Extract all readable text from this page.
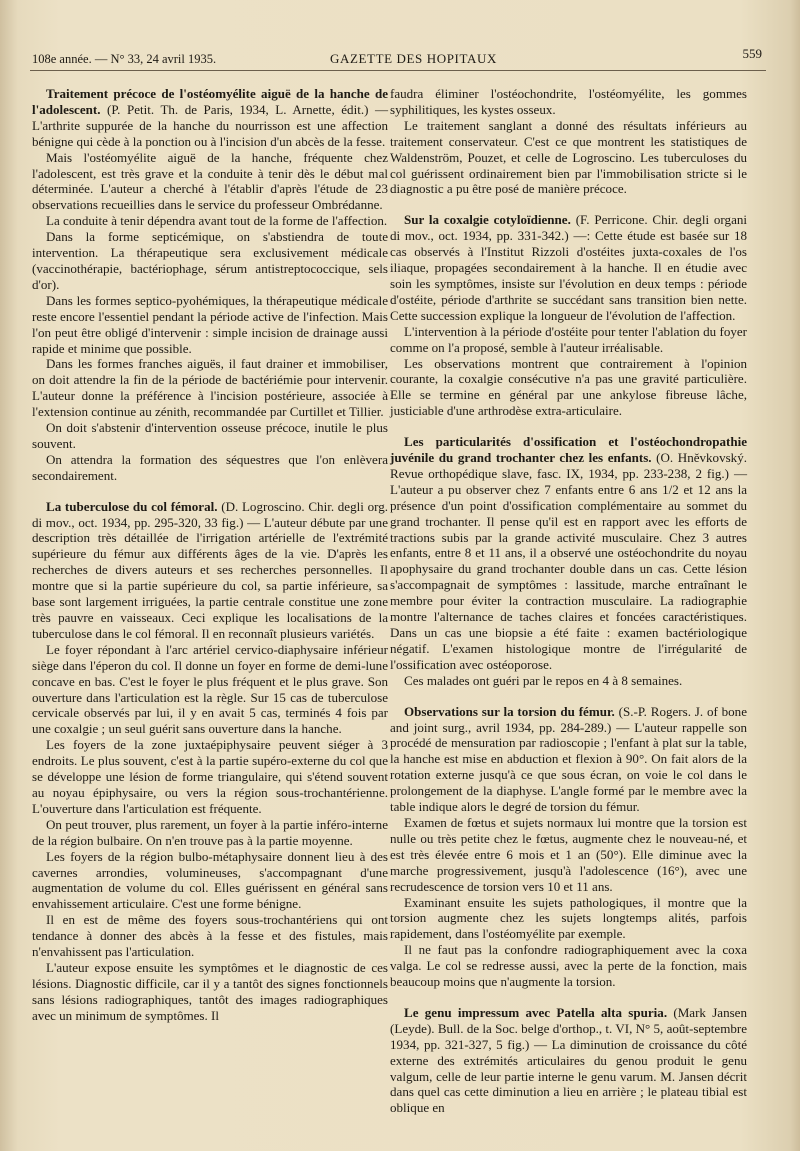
108e année. — N° 33, 24 avril 1935.	GAZETTE DES HOPITAUX	559

Traitement précoce de l'ostéomyélite aiguë de la hanche de l'adolescent. (P. Petit. Th. de Paris, 1934, L. Arnette, édit.) — L'arthrite suppurée de la hanche du nourrisson est une affection bénigne qui cède à la ponction ou à l'incision d'un abcès de la fesse.

Mais l'ostéomyélite aiguë de la hanche, fréquente chez l'adolescent, est très grave et la conduite à tenir dès le début mal déterminée. L'auteur a cherché à l'établir d'après l'étude de 23 observations recueillies dans le service du professeur Ombrédanne.

La conduite à tenir dépendra avant tout de la forme de l'affection.

Dans la forme septicémique, on s'abstiendra de toute intervention. La thérapeutique sera exclusivement médicale (vaccinothérapie, bactériophage, sérum antistreptococcique, sels d'or).

Dans les formes septico-pyohémiques, la thérapeutique médicale reste encore l'essentiel pendant la période active de l'infection. Mais l'on peut être obligé d'intervenir : simple incision de drainage aussi rapide et minime que possible.

Dans les formes franches aiguës, il faut drainer et immobiliser, on doit attendre la fin de la période de bactériémie pour intervenir. L'auteur donne la préférence à l'incision postérieure, associée à l'extension continue au zénith, recommandée par Curtillet et Tillier.

On doit s'abstenir d'intervention osseuse précoce, inutile le plus souvent.

On attendra la formation des séquestres que l'on enlèvera secondairement.

La tuberculose du col fémoral. (D. Logroscino. Chir. degli org. di mov., oct. 1934, pp. 295-320, 33 fig.) — L'auteur débute par une description très détaillée de l'irrigation artérielle de l'extrémité supérieure du fémur aux différents âges de la vie. D'après les recherches de divers auteurs et ses recherches personnelles. Il montre que si la partie supérieure du col, sa partie inférieure, sa base sont largement irriguées, la partie centrale constitue une zone très pauvre en vaisseaux. Ceci explique les localisations de la tuberculose dans le col fémoral. Il en reconnaît plusieurs variétés.

Le foyer répondant à l'arc artériel cervico-diaphysaire inférieur siège dans l'éperon du col. Il donne un foyer en forme de demi-lune concave en bas. C'est le foyer le plus fréquent et le plus grave. Son ouverture dans l'articulation est la règle. Sur 15 cas de tuberculose cervicale observés par lui, il y en avait 5 cas, terminés 4 fois par une coxalgie ; un seul guérit sans ouverture dans la hanche.

Les foyers de la zone juxtaépiphysaire peuvent siéger à 3 endroits. Le plus souvent, c'est à la partie supéro-externe du col que se développe une lésion de forme triangulaire, qui s'étend souvent au noyau épiphysaire, ou vers la région sous-trochantérienne. L'ouverture dans l'articulation est fréquente.

On peut trouver, plus rarement, un foyer à la partie inféro-interne de la région bulbaire. On n'en trouve pas à la partie moyenne.

Les foyers de la région bulbo-métaphysaire donnent lieu à des cavernes arrondies, volumineuses, s'accompagnant d'une augmentation de volume du col. Elles guérissent en général sans envahissement articulaire. C'est une forme bénigne.

Il en est de même des foyers sous-trochantériens qui ont tendance à donner des abcès à la fesse et des fistules, mais n'envahissent pas l'articulation.

L'auteur expose ensuite les symptômes et le diagnostic de ces lésions. Diagnostic difficile, car il y a tantôt des signes fonctionnels sans lésions radiographiques, tantôt des images radiographiques avec un minimum de symptômes. Il

faudra éliminer l'ostéochondrite, l'ostéomyélite, les gommes syphilitiques, les kystes osseux.

Le traitement sanglant a donné des résultats inférieurs au traitement conservateur. C'est ce que montrent les statistiques de Waldenström, Pouzet, et celle de Logroscino. Les tuberculoses du col guérissent ordinairement bien par l'immobilisation stricte si le diagnostic a pu être posé de manière précoce.

Sur la coxalgie cotyloïdienne. (F. Perricone. Chir. degli organi di mov., oct. 1934, pp. 331-342.) —: Cette étude est basée sur 18 cas observés à l'Institut Rizzoli d'ostéites juxta-coxales de l'os iliaque, propagées secondairement à la hanche. Il en étudie avec soin les symptômes, insiste sur l'évolution en deux temps : période d'ostéite, période d'arthrite se succédant sans transition bien nette. Cette succession explique la longueur de l'évolution de l'affection.

L'intervention à la période d'ostéite pour tenter l'ablation du foyer comme on l'a proposé, semble à l'auteur irréalisable.

Les observations montrent que contrairement à l'opinion courante, la coxalgie consécutive n'a pas une gravité particulière. Elle se termine en général par une ankylose fibreuse lâche, justiciable d'une arthrodèse extra-articulaire.

Les particularités d'ossification et l'ostéochondropathie juvénile du grand trochanter chez les enfants. (O. Hněvkovský. Revue orthopédique slave, fasc. IX, 1934, pp. 233-238, 2 fig.) — L'auteur a pu observer chez 7 enfants entre 6 ans 1/2 et 12 ans la présence d'un point d'ossification complémentaire au sommet du grand trochanter. Il pense qu'il est en rapport avec les efforts de tractions subis par la grande activité musculaire. Chez 3 autres enfants, entre 8 et 11 ans, il a observé une ostéochondrite du noyau apophysaire du grand trochanter double dans un cas. Cette lésion s'accompagnait de symptômes : lassitude, marche entraînant le membre pour éviter la contraction musculaire. La radiographie montre l'alternance de taches claires et foncées caractéristiques. Dans un cas une biopsie a été faite : examen bactériologique négatif. L'examen histologique montre de l'irrégularité de l'ossification avec ostéoporose.

Ces malades ont guéri par le repos en 4 à 8 semaines.

Observations sur la torsion du fémur. (S.-P. Rogers. J. of bone and joint surg., avril 1934, pp. 284-289.) — L'auteur rappelle son procédé de mensuration par radioscopie ; l'enfant à plat sur la table, la hanche est mise en abduction et flexion à 90°. On fait alors de la rotation externe jusqu'à ce que sous écran, on voie le col dans le prolongement de la diaphyse. L'angle formé par le membre avec la table indique alors le degré de torsion du fémur.

Examen de fœtus et sujets normaux lui montre que la torsion est nulle ou très petite chez le fœtus, augmente chez le nouveau-né, et est très élevée entre 6 mois et 1 an (50°). Elle diminue avec la marche progressivement, jusqu'à l'adolescence (16°), avec une recrudescence de torsion vers 10 et 11 ans.

Examinant ensuite les sujets pathologiques, il montre que la torsion augmente chez les sujets longtemps alités, parfois rapidement, dans l'ostéomyélite par exemple.

Il ne faut pas la confondre radiographiquement avec la coxa valga. Le col se redresse aussi, avec la perte de la fonction, mais beaucoup moins que n'augmente la torsion.

Le genu impressum avec Patella alta spuria. (Mark Jansen (Leyde). Bull. de la Soc. belge d'orthop., t. VI, N° 5, août-septembre 1934, pp. 321-327, 5 fig.) — La diminution de croissance du côté externe des extrémités articulaires du genou produit le genu valgum, celle de leur partie interne le genu varum. M. Jansen décrit dans quel cas cette diminution a lieu en arrière ; le plateau tibial est oblique en
